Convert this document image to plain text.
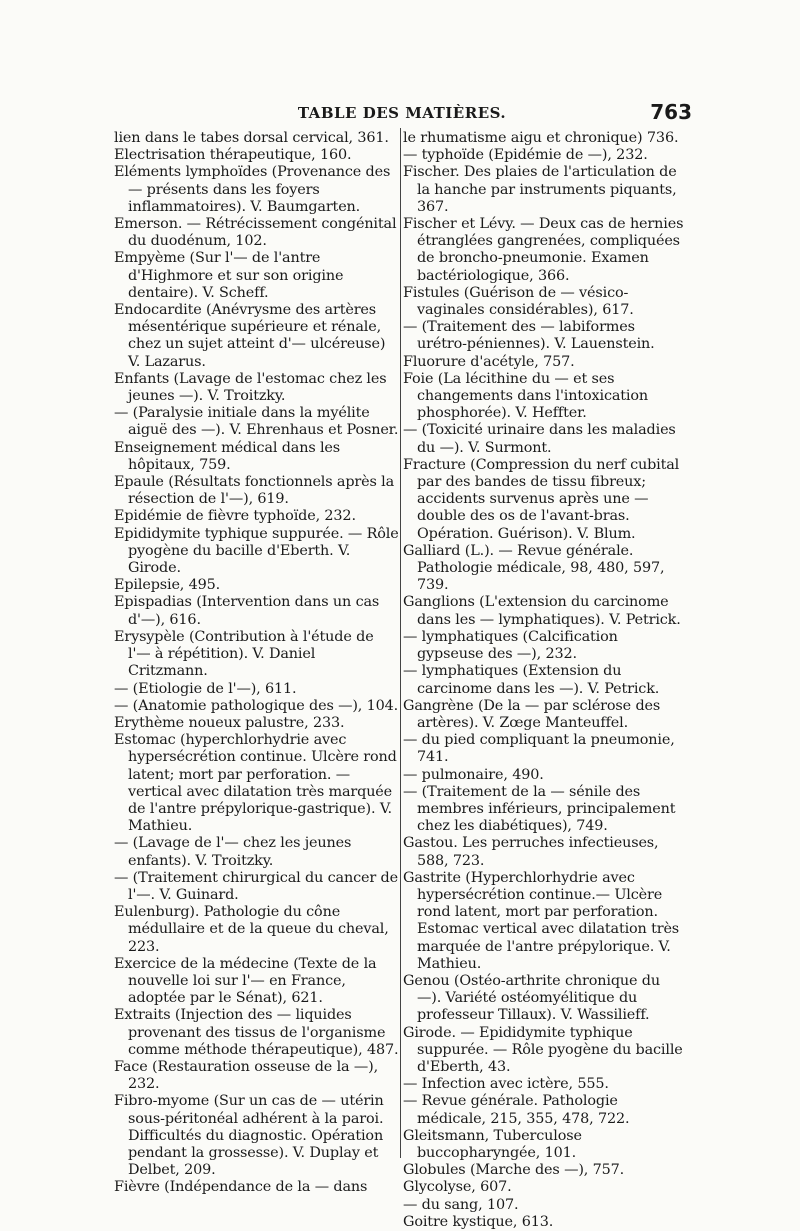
TABLE DES MATIÈRES.	763

lien dans le tabes dorsal cervical, 361.

Electrisation thérapeutique, 160.

Eléments lymphoïdes (Provenance des — présents dans les foyers inflammatoires). V. Baumgarten.

Emerson. — Rétrécissement congénital du duodénum, 102.

Empyème (Sur l'— de l'antre d'Highmore et sur son origine dentaire). V. Scheff.

Endocardite (Anévrysme des artères mésentérique supérieure et rénale, chez un sujet atteint d'— ulcéreuse) V. Lazarus.

Enfants (Lavage de l'estomac chez les jeunes —). V. Troitzky.

— (Paralysie initiale dans la myélite aiguë des —). V. Ehrenhaus et Posner.

Enseignement médical dans les hôpitaux, 759.

Epaule (Résultats fonctionnels après la résection de l'—), 619.

Epidémie de fièvre typhoïde, 232.

Epididymite typhique suppurée. — Rôle pyogène du bacille d'Eberth. V. Girode.

Epilepsie, 495.

Epispadias (Intervention dans un cas d'—), 616.

Erysypèle (Contribution à l'étude de l'— à répétition). V. Daniel Critzmann.

— (Etiologie de l'—), 611.

— (Anatomie pathologique des —), 104.

Erythème noueux palustre, 233.

Estomac (hyperchlorhydrie avec hypersécrétion continue. Ulcère rond latent; mort par perforation. — vertical avec dilatation très marquée de l'antre prépylorique-gastrique). V. Mathieu.

— (Lavage de l'— chez les jeunes enfants). V. Troitzky.

— (Traitement chirurgical du cancer de l'—. V. Guinard.

Eulenburg). Pathologie du cône médullaire et de la queue du cheval, 223.

Exercice de la médecine (Texte de la nouvelle loi sur l'— en France, adoptée par le Sénat), 621.

Extraits (Injection des — liquides provenant des tissus de l'organisme comme méthode thérapeutique), 487.

Face (Restauration osseuse de la —), 232.

Fibro-myome (Sur un cas de — utérin sous-péritonéal adhérent à la paroi. Difficultés du diagnostic. Opération pendant la grossesse). V. Duplay et Delbet, 209.

Fièvre (Indépendance de la — dans

le rhumatisme aigu et chronique) 736.

— typhoïde (Epidémie de —), 232.

Fischer. Des plaies de l'articulation de la hanche par instruments piquants, 367.

Fischer et Lévy. — Deux cas de hernies étranglées gangrenées, compliquées de broncho-pneumonie. Examen bactériologique, 366.

Fistules (Guérison de — vésico-vaginales considérables), 617.

— (Traitement des — labiformes urétro-péniennes). V. Lauenstein.

Fluorure d'acétyle, 757.

Foie (La lécithine du — et ses changements dans l'intoxication phosphorée). V. Heffter.

— (Toxicité urinaire dans les maladies du —). V. Surmont.

Fracture (Compression du nerf cubital par des bandes de tissu fibreux; accidents survenus après une — double des os de l'avant-bras. Opération. Guérison). V. Blum.

Galliard (L.). — Revue générale. Pathologie médicale, 98, 480, 597, 739.

Ganglions (L'extension du carcinome dans les — lymphatiques). V. Petrick.

— lymphatiques (Calcification gypseuse des —), 232.

— lymphatiques (Extension du carcinome dans les —). V. Petrick.

Gangrène (De la — par sclérose des artères). V. Zœge Manteuffel.

— du pied compliquant la pneumonie, 741.

— pulmonaire, 490.

— (Traitement de la — sénile des membres inférieurs, principalement chez les diabétiques), 749.

Gastou. Les perruches infectieuses, 588, 723.

Gastrite (Hyperchlorhydrie avec hypersécrétion continue.— Ulcère rond latent, mort par perforation. Estomac vertical avec dilatation très marquée de l'antre prépylorique. V. Mathieu.

Genou (Ostéo-arthrite chronique du —). Variété ostéomyélitique du professeur Tillaux). V. Wassilieff.

Girode. — Epididymite typhique suppurée. — Rôle pyogène du bacille d'Eberth, 43.

— Infection avec ictère, 555.

— Revue générale. Pathologie médicale, 215, 355, 478, 722.

Gleitsmann, Tuberculose buccopharyngée, 101.

Globules (Marche des —), 757.

Glycolyse, 607.

— du sang, 107.

Goitre kystique, 613.
